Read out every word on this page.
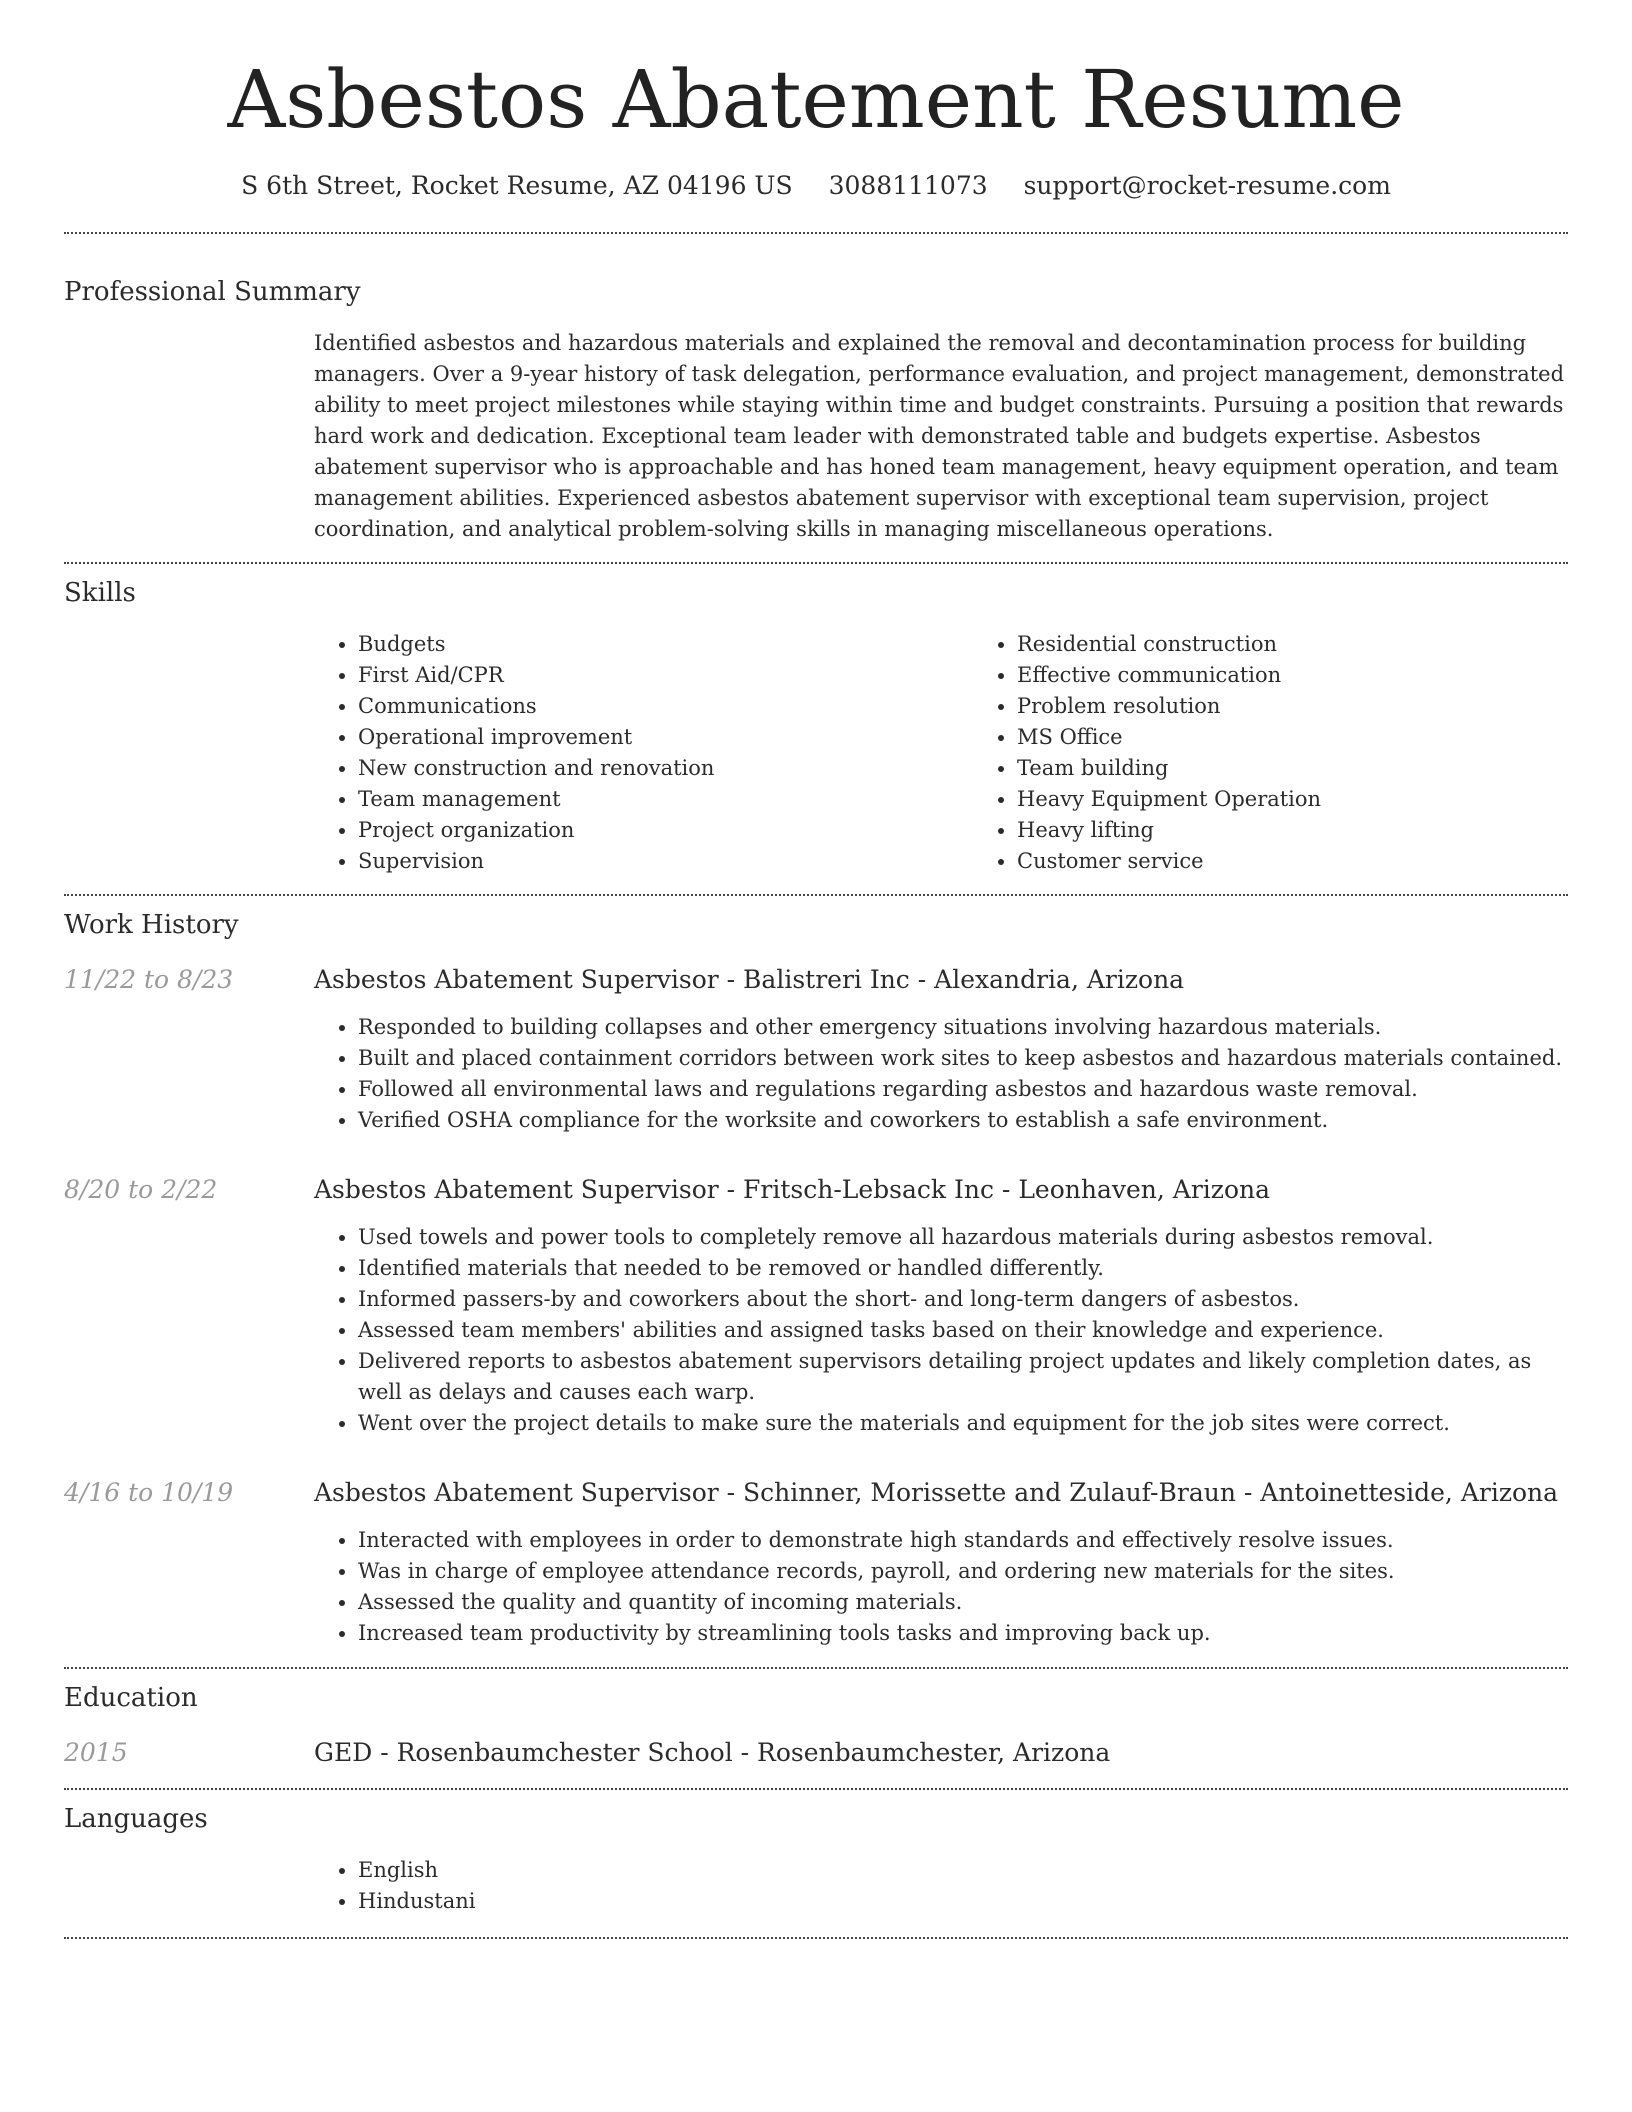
Asbestos Abatement Resume
S 6th Street, Rocket Resume, AZ 04196 US 3088111073 support@rocket-resume.com
Professional Summary

Identified asbestos and hazardous materials and explained the removal and decontamination process for building managers. Over a 9-year history of task delegation, performance evaluation, and project management, demonstrated ability to meet project milestones while staying within time and budget constraints. Pursuing a position that rewards hard work and dedication. Exceptional team leader with demonstrated table and budgets expertise. Asbestos abatement supervisor who is approachable and has honed team management, heavy equipment operation, and team management abilities. Experienced asbestos abatement supervisor with exceptional team supervision, project coordination, and analytical problem-solving skills in managing miscellaneous operations.

Skills
• Budgets
• First Aid/CPR
• Communications
• Operational improvement
• New construction and renovation
• Team management
• Project organization
• Supervision
• Residential construction
• Effective communication
• Problem resolution
• MS Office
• Team building
• Heavy Equipment Operation
• Heavy lifting
• Customer service
Work History
11/22 to 8/23	Asbestos Abatement Supervisor - Balistreri Inc - Alexandria, Arizona
• Responded to building collapses and other emergency situations involving hazardous materials.
• Built and placed containment corridors between work sites to keep asbestos and hazardous materials contained.
• Followed all environmental laws and regulations regarding asbestos and hazardous waste removal.
• Verified OSHA compliance for the worksite and coworkers to establish a safe environment.
8/20 to 2/22	Asbestos Abatement Supervisor - Fritsch-Lebsack Inc - Leonhaven, Arizona
• Used towels and power tools to completely remove all hazardous materials during asbestos removal.
• Identified materials that needed to be removed or handled differently.
• Informed passers-by and coworkers about the short- and long-term dangers of asbestos.
• Assessed team members' abilities and assigned tasks based on their knowledge and experience.
• Delivered reports to asbestos abatement supervisors detailing project updates and likely completion dates, as well as delays and causes each warp.
• Went over the project details to make sure the materials and equipment for the job sites were correct.
4/16 to 10/19	Asbestos Abatement Supervisor - Schinner, Morissette and Zulauf-Braun - Antoinetteside, Arizona
• Interacted with employees in order to demonstrate high standards and effectively resolve issues.
• Was in charge of employee attendance records, payroll, and ordering new materials for the sites.
• Assessed the quality and quantity of incoming materials.
• Increased team productivity by streamlining tools tasks and improving back up.
Education
2015	GED - Rosenbaumchester School - Rosenbaumchester, Arizona
Languages
• English
• Hindustani
